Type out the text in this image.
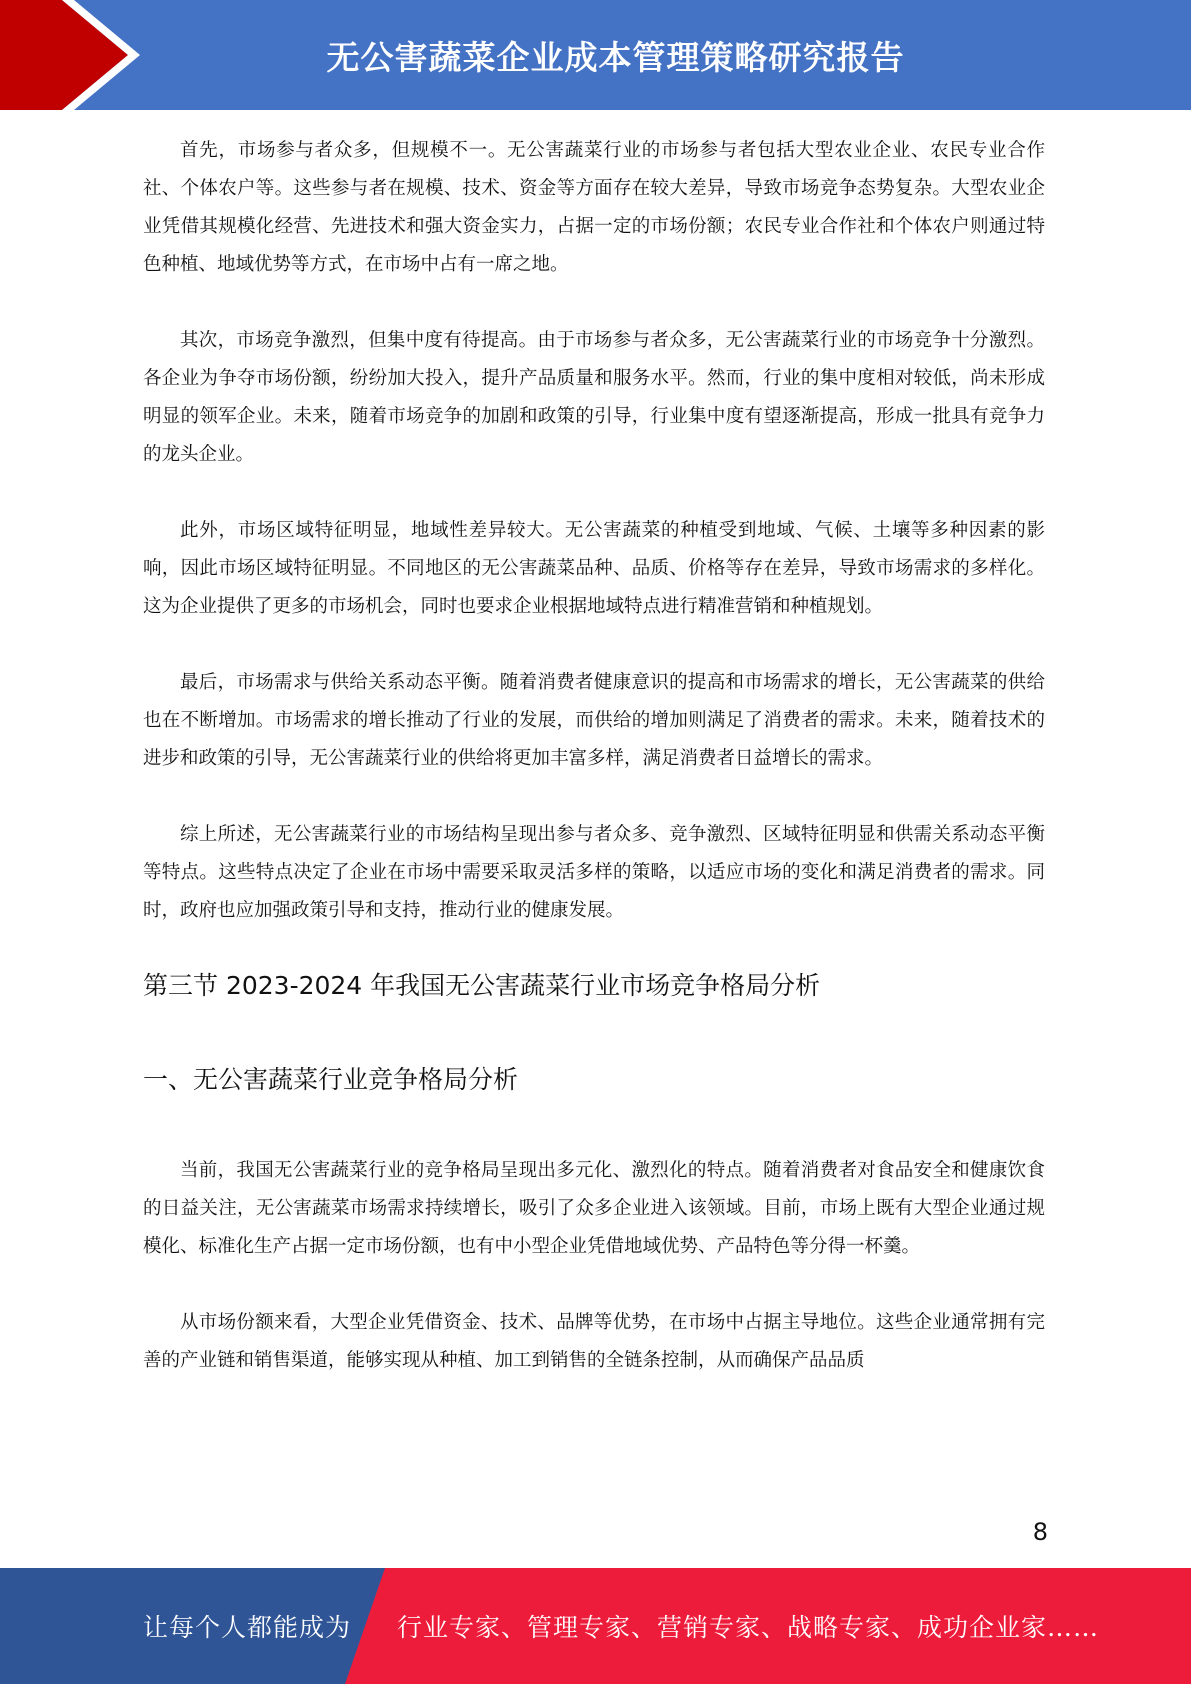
无公害蔬菜企业成本管理策略研究报告

首先，市场参与者众多，但规模不一。无公害蔬菜行业的市场参与者包括大型农业企业、农民专业合作社、个体农户等。这些参与者在规模、技术、资金等方面存在较大差异，导致市场竞争态势复杂。大型农业企业凭借其规模化经营、先进技术和强大资金实力，占据一定的市场份额；农民专业合作社和个体农户则通过特色种植、地域优势等方式，在市场中占有一席之地。

其次，市场竞争激烈，但集中度有待提高。由于市场参与者众多，无公害蔬菜行业的市场竞争十分激烈。各企业为争夺市场份额，纷纷加大投入，提升产品质量和服务水平。然而，行业的集中度相对较低，尚未形成明显的领军企业。未来，随着市场竞争的加剧和政策的引导，行业集中度有望逐渐提高，形成一批具有竞争力的龙头企业。

此外，市场区域特征明显，地域性差异较大。无公害蔬菜的种植受到地域、气候、土壤等多种因素的影响，因此市场区域特征明显。不同地区的无公害蔬菜品种、品质、价格等存在差异，导致市场需求的多样化。这为企业提供了更多的市场机会，同时也要求企业根据地域特点进行精准营销和种植规划。

最后，市场需求与供给关系动态平衡。随着消费者健康意识的提高和市场需求的增长，无公害蔬菜的供给也在不断增加。市场需求的增长推动了行业的发展，而供给的增加则满足了消费者的需求。未来，随着技术的进步和政策的引导，无公害蔬菜行业的供给将更加丰富多样，满足消费者日益增长的需求。

综上所述，无公害蔬菜行业的市场结构呈现出参与者众多、竞争激烈、区域特征明显和供需关系动态平衡等特点。这些特点决定了企业在市场中需要采取灵活多样的策略，以适应市场的变化和满足消费者的需求。同时，政府也应加强政策引导和支持，推动行业的健康发展。

第三节 2023-2024 年我国无公害蔬菜行业市场竞争格局分析
一、无公害蔬菜行业竞争格局分析

当前，我国无公害蔬菜行业的竞争格局呈现出多元化、激烈化的特点。随着消费者对食品安全和健康饮食的日益关注，无公害蔬菜市场需求持续增长，吸引了众多企业进入该领域。目前，市场上既有大型企业通过规模化、标准化生产占据一定市场份额，也有中小型企业凭借地域优势、产品特色等分得一杯羹。

从市场份额来看，大型企业凭借资金、技术、品牌等优势，在市场中占据主导地位。这些企业通常拥有完善的产业链和销售渠道，能够实现从种植、加工到销售的全链条控制，从而确保产品品质

8
让每个人都能成为 行业专家、管理专家、营销专家、战略专家、成功企业家……
